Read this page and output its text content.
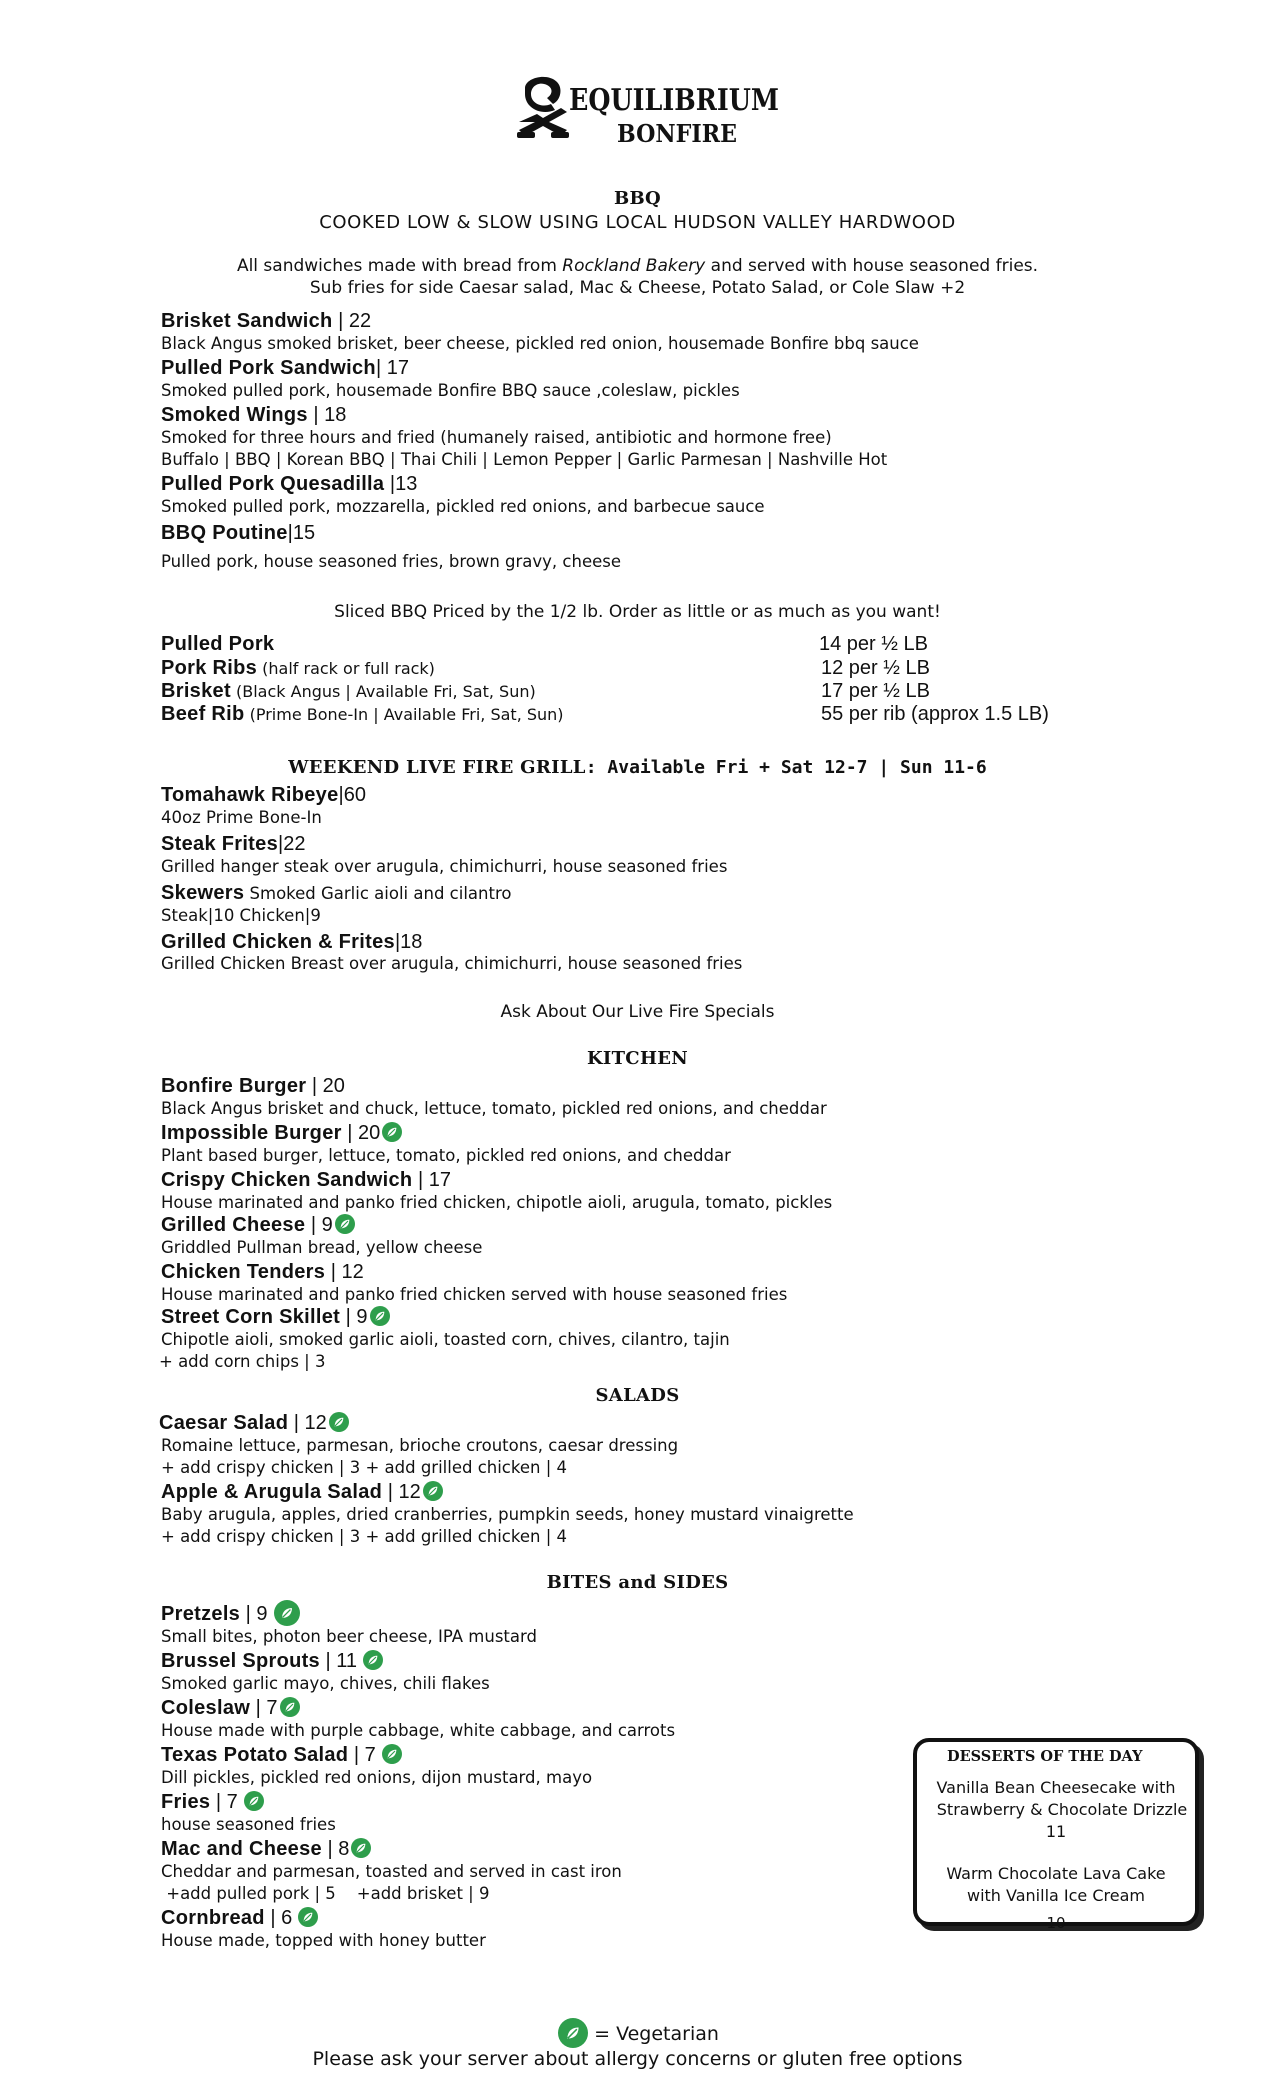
EQUILIBRIUM
BONFIRE
BBQ
COOKED LOW & SLOW USING LOCAL HUDSON VALLEY HARDWOOD
All sandwiches made with bread from Rockland Bakery and served with house seasoned fries.
Sub fries for side Caesar salad, Mac & Cheese, Potato Salad, or Cole Slaw +2
Brisket Sandwich | 22
Black Angus smoked brisket, beer cheese, pickled red onion, housemade Bonfire bbq sauce
Pulled Pork Sandwich| 17
Smoked pulled pork, housemade Bonfire BBQ sauce ,coleslaw, pickles
Smoked Wings | 18
Smoked for three hours and fried (humanely raised, antibiotic and hormone free)
Buffalo | BBQ | Korean BBQ | Thai Chili | Lemon Pepper | Garlic Parmesan | Nashville Hot
Pulled Pork Quesadilla |13
Smoked pulled pork, mozzarella, pickled red onions, and barbecue sauce
BBQ Poutine|15
Pulled pork, house seasoned fries, brown gravy, cheese
Sliced BBQ Priced by the 1/2 lb. Order as little or as much as you want!
Pulled Pork	14 per ½ LB
Pork Ribs (half rack or full rack)	12 per ½ LB
Brisket (Black Angus | Available Fri, Sat, Sun)	17 per ½ LB
Beef Rib (Prime Bone-In | Available Fri, Sat, Sun)	55 per rib (approx 1.5 LB)
WEEKEND LIVE FIRE GRILL: Available Fri + Sat 12-7 | Sun 11-6
Tomahawk Ribeye|60
40oz Prime Bone-In
Steak Frites|22
Grilled hanger steak over arugula, chimichurri, house seasoned fries
Skewers Smoked Garlic aioli and cilantro
Steak|10 Chicken|9
Grilled Chicken & Frites|18
Grilled Chicken Breast over arugula, chimichurri, house seasoned fries
Ask About Our Live Fire Specials
KITCHEN
Bonfire Burger | 20
Black Angus brisket and chuck, lettuce, tomato, pickled red onions, and cheddar
Impossible Burger | 20
Plant based burger, lettuce, tomato, pickled red onions, and cheddar
Crispy Chicken Sandwich | 17
House marinated and panko fried chicken, chipotle aioli, arugula, tomato, pickles
Grilled Cheese | 9
Griddled Pullman bread, yellow cheese
Chicken Tenders | 12
House marinated and panko fried chicken served with house seasoned fries
Street Corn Skillet | 9
Chipotle aioli, smoked garlic aioli, toasted corn, chives, cilantro, tajin
+ add corn chips | 3
SALADS
Caesar Salad | 12
Romaine lettuce, parmesan, brioche croutons, caesar dressing
+ add crispy chicken | 3 + add grilled chicken | 4
Apple & Arugula Salad | 12
Baby arugula, apples, dried cranberries, pumpkin seeds, honey mustard vinaigrette
+ add crispy chicken | 3 + add grilled chicken | 4
BITES and SIDES
Pretzels | 9
Small bites, photon beer cheese, IPA mustard
Brussel Sprouts | 11
Smoked garlic mayo, chives, chili flakes
Coleslaw | 7
House made with purple cabbage, white cabbage, and carrots
Texas Potato Salad | 7
Dill pickles, pickled red onions, dijon mustard, mayo
Fries | 7
house seasoned fries
Mac and Cheese | 8
Cheddar and parmesan, toasted and served in cast iron
+add pulled pork | 5    +add brisket | 9
Cornbread | 6
House made, topped with honey butter
DESSERTS OF THE DAY
Vanilla Bean Cheesecake with
Strawberry & Chocolate Drizzle
11
Warm Chocolate Lava Cake
with Vanilla Ice Cream
10
= Vegetarian
Please ask your server about allergy concerns or gluten free options
